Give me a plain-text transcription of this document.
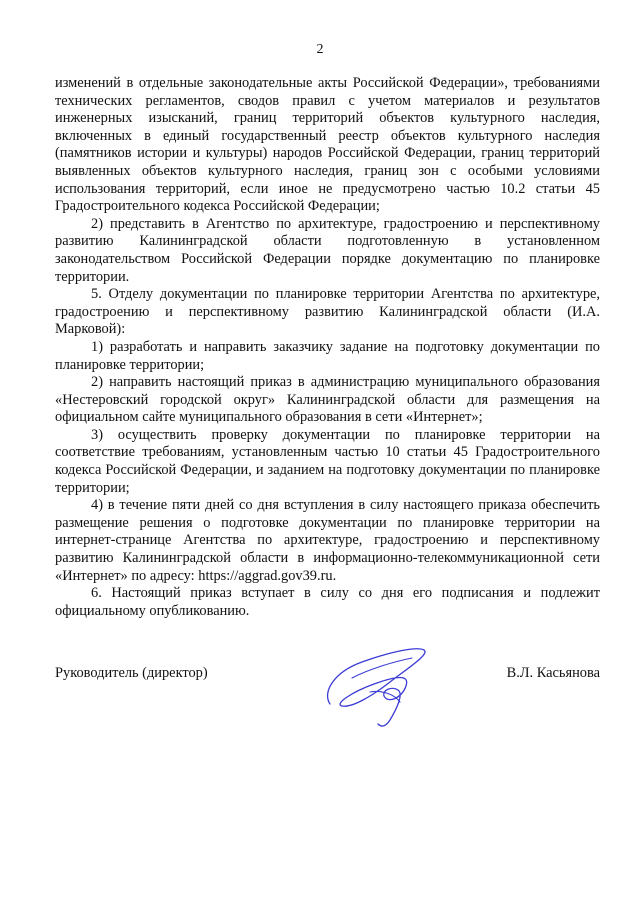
2

изменений в отдельные законодательные акты Российской Федерации», требованиями технических регламентов, сводов правил с учетом материалов и результатов инженерных изысканий, границ территорий объектов культурного наследия, включенных в единый государственный реестр объектов культурного наследия (памятников истории и культуры) народов Российской Федерации, границ территорий выявленных объектов культурного наследия, границ зон с особыми условиями использования территорий, если иное не предусмотрено частью 10.2 статьи 45 Градостроительного кодекса Российской Федерации;

2) представить в Агентство по архитектуре, градостроению и перспективному развитию Калининградской области подготовленную в установленном законодательством Российской Федерации порядке документацию по планировке территории.

5. Отделу документации по планировке территории Агентства по архитектуре, градостроению и перспективному развитию Калининградской области (И.А. Марковой):

1) разработать и направить заказчику задание на подготовку документации по планировке территории;

2) направить настоящий приказ в администрацию муниципального образования «Нестеровский городской округ» Калининградской области для размещения на официальном сайте муниципального образования в сети «Интернет»;

3) осуществить проверку документации по планировке территории на соответствие требованиям, установленным частью 10 статьи 45 Градостроительного кодекса Российской Федерации, и заданием на подготовку документации по планировке территории;

4) в течение пяти дней со дня вступления в силу настоящего приказа обеспечить размещение решения о подготовке документации по планировке территории на интернет-странице Агентства по архитектуре, градостроению и перспективному развитию Калининградской области в информационно-телекоммуникационной сети «Интернет» по адресу: https://aggrad.gov39.ru.

6. Настоящий приказ вступает в силу со дня его подписания и подлежит официальному опубликованию.

Руководитель (директор)	В.Л. Касьянова
